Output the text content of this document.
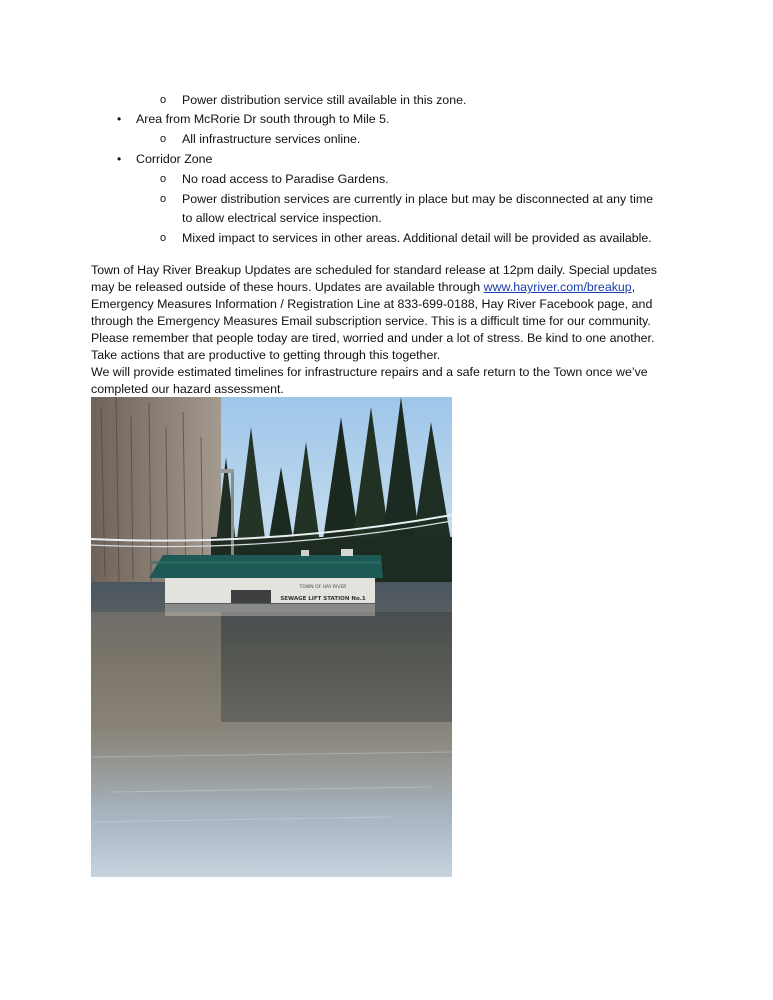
o Power distribution service still available in this zone.
• Area from McRorie Dr south through to Mile 5.
o All infrastructure services online.
• Corridor Zone
o No road access to Paradise Gardens.
o Power distribution services are currently in place but may be disconnected at any time
to allow electrical service inspection.
o Mixed impact to services in other areas. Additional detail will be provided as available.

Town of Hay River Breakup Updates are scheduled for standard release at 12pm daily. Special updates

may be released outside of these hours. Updates are available through www.hayriver.com/breakup,

Emergency Measures Information / Registration Line at 833-699-0188, Hay River Facebook page, and

through the Emergency Measures Email subscription service. This is a difficult time for our community.

Please remember that people today are tired, worried and under a lot of stress. Be kind to one another.

Take actions that are productive to getting through this together.

We will provide estimated timelines for infrastructure repairs and a safe return to the Town once we’ve

completed our hazard assessment.

TOWN OF HAY RIVER
SEWAGE LIFT STATION No.1
